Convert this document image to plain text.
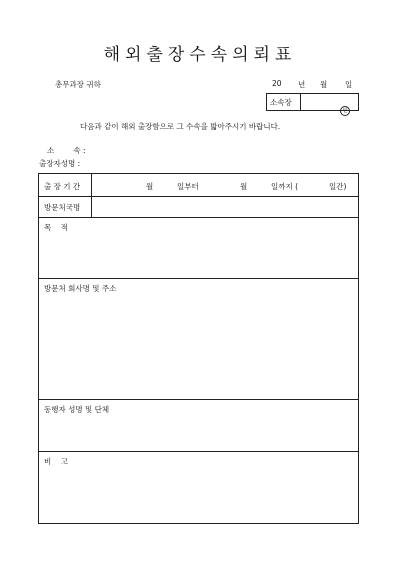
해외출장수속의뢰표
총무과장 귀하	20 년 월 일
소속장
인
다음과 같이 해외 출장함으로 그 수속을 밟아주시기 바랍니다.
소        속 :
출장자성명 :
출 장 기 간	월	일부터	월	일까지 (	일간)
방문처국명
목    적
방문처 회사명 및 주소
동행자 성명 및 단체
비    고
